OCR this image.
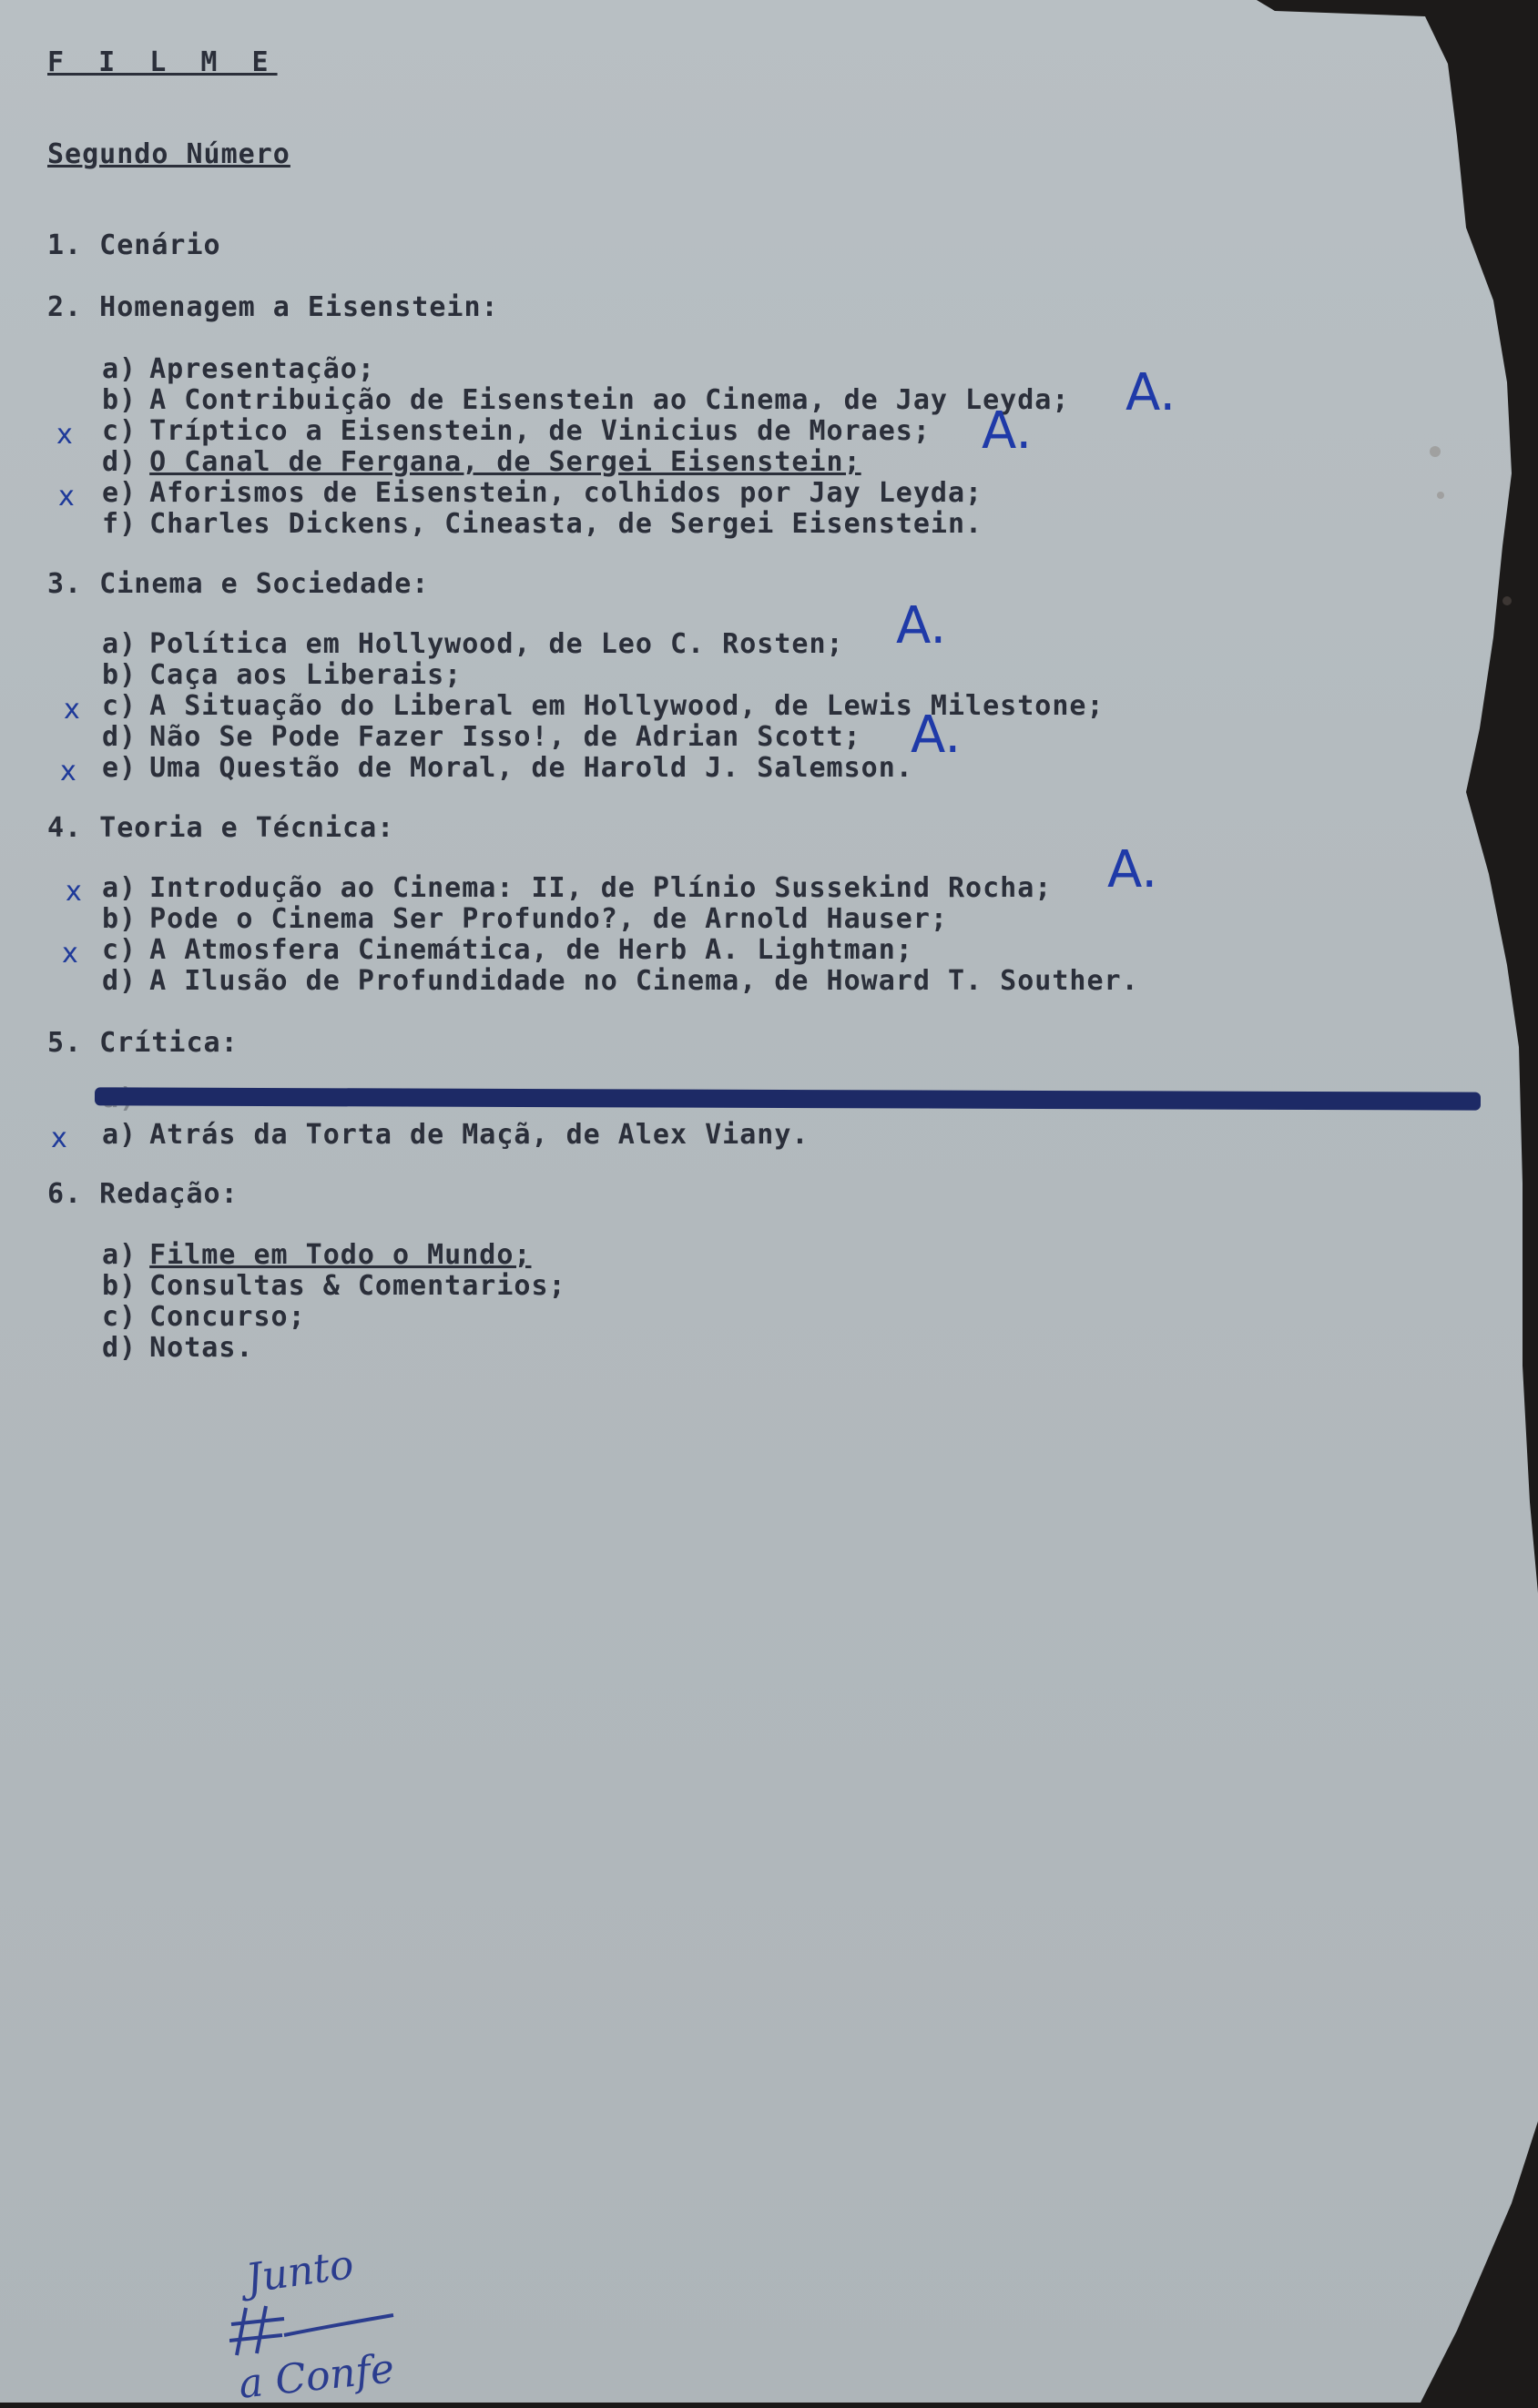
F I L M E
Segundo Número
1. Cenário
2. Homenagem a Eisenstein:
a) Apresentação;
b) A Contribuição de Eisenstein ao Cinema, de Jay Leyda;
c) Tríptico a Eisenstein, de Vinicius de Moraes;
d) O Canal de Fergana, de Sergei Eisenstein;
e) Aforismos de Eisenstein, colhidos por Jay Leyda;
f) Charles Dickens, Cineasta, de Sergei Eisenstein.
3. Cinema e Sociedade:
a) Política em Hollywood, de Leo C. Rosten;
b) Caça aos Liberais;
c) A Situação do Liberal em Hollywood, de Lewis Milestone;
d) Não Se Pode Fazer Isso!, de Adrian Scott;
e) Uma Questão de Moral, de Harold J. Salemson.
4. Teoria e Técnica:
a) Introdução ao Cinema: II, de Plínio Sussekind Rocha;
b) Pode o Cinema Ser Profundo?, de Arnold Hauser;
c) A Atmosfera Cinemática, de Herb A. Lightman;
d) A Ilusão de Profundidade no Cinema, de Howard T. Souther.
5. Crítica:
a) Atrás da Torta de Maçã, de Alex Viany.
6. Redação:
a) Filme em Todo o Mundo;
b) Consultas & Comentarios;
c) Concurso;
d) Notas.
x
x
x
x
x
x
x
A.
A.
A.
A.
A.
Junto
a Confe
